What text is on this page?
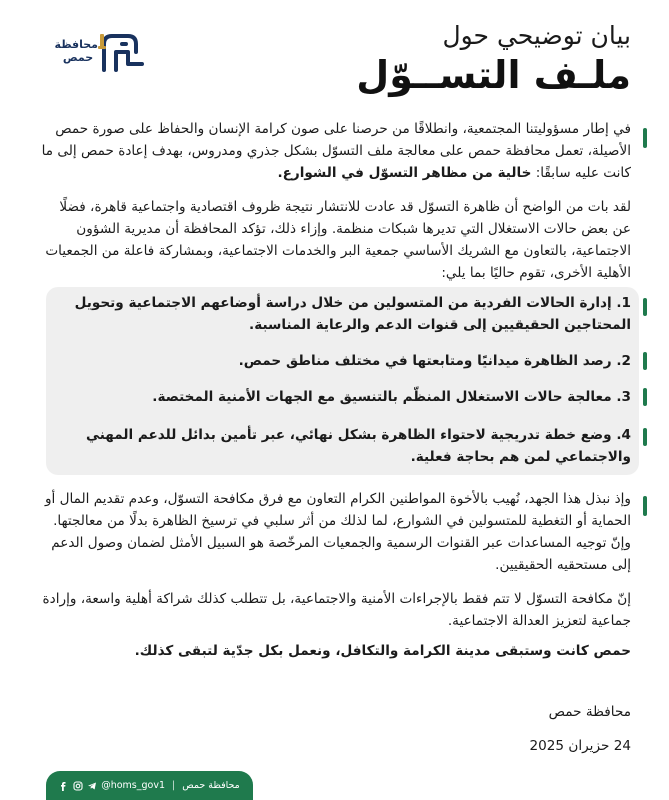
محافظة حمص
بيان توضيحي حول
ملـف التســوّل
في إطار مسؤوليتنا المجتمعية، وانطلاقًا من حرصنا على صون كرامة الإنسان والحفاظ على صورة حمص الأصيلة، تعمل محافظة حمص على معالجة ملف التسوّل بشكل جذري ومدروس، بهدف إعادة حمص إلى ما كانت عليه سابقًا: خالية من مظاهر التسوّل في الشوارع.
لقد بات من الواضح أن ظاهرة التسوّل قد عادت للانتشار نتيجة ظروف اقتصادية واجتماعية قاهرة، فضلًا عن بعض حالات الاستغلال التي تديرها شبكات منظمة. وإزاء ذلك، تؤكد المحافظة أن مديرية الشؤون الاجتماعية، بالتعاون مع الشريك الأساسي جمعية البر والخدمات الاجتماعية، وبمشاركة فاعلة من الجمعيات الأهلية الأخرى، تقوم حاليًا بما يلي:
1. إدارة الحالات الفردية من المتسولين من خلال دراسة أوضاعهم الاجتماعية وتحويل المحتاجين الحقيقيين إلى قنوات الدعم والرعاية المناسبة.
2. رصد الظاهرة ميدانيًا ومتابعتها في مختلف مناطق حمص.
3. معالجة حالات الاستغلال المنظّم بالتنسيق مع الجهات الأمنية المختصة.
4. وضع خطة تدريجية لاحتواء الظاهرة بشكل نهائي، عبر تأمين بدائل للدعم المهني والاجتماعي لمن هم بحاجة فعلية.
وإذ نبذل هذا الجهد، نُهيب بالأخوة المواطنين الكرام التعاون مع فرق مكافحة التسوّل، وعدم تقديم المال أو الحماية أو التغطية للمتسولين في الشوارع، لما لذلك من أثر سلبي في ترسيخ الظاهرة بدلًا من معالجتها. وإنّ توجيه المساعدات عبر القنوات الرسمية والجمعيات المرخّصة هو السبيل الأمثل لضمان وصول الدعم إلى مستحقيه الحقيقيين.
إنّ مكافحة التسوّل لا تتم فقط بالإجراءات الأمنية والاجتماعية، بل تتطلب كذلك شراكة أهلية واسعة، وإرادة جماعية لتعزيز العدالة الاجتماعية.
حمص كانت وستبقى مدينة الكرامة والتكافل، ونعمل بكل جدّية لتبقى كذلك.
محافظة حمص
24 حزيران 2025
@homs_gov1 | محافظة حمص
